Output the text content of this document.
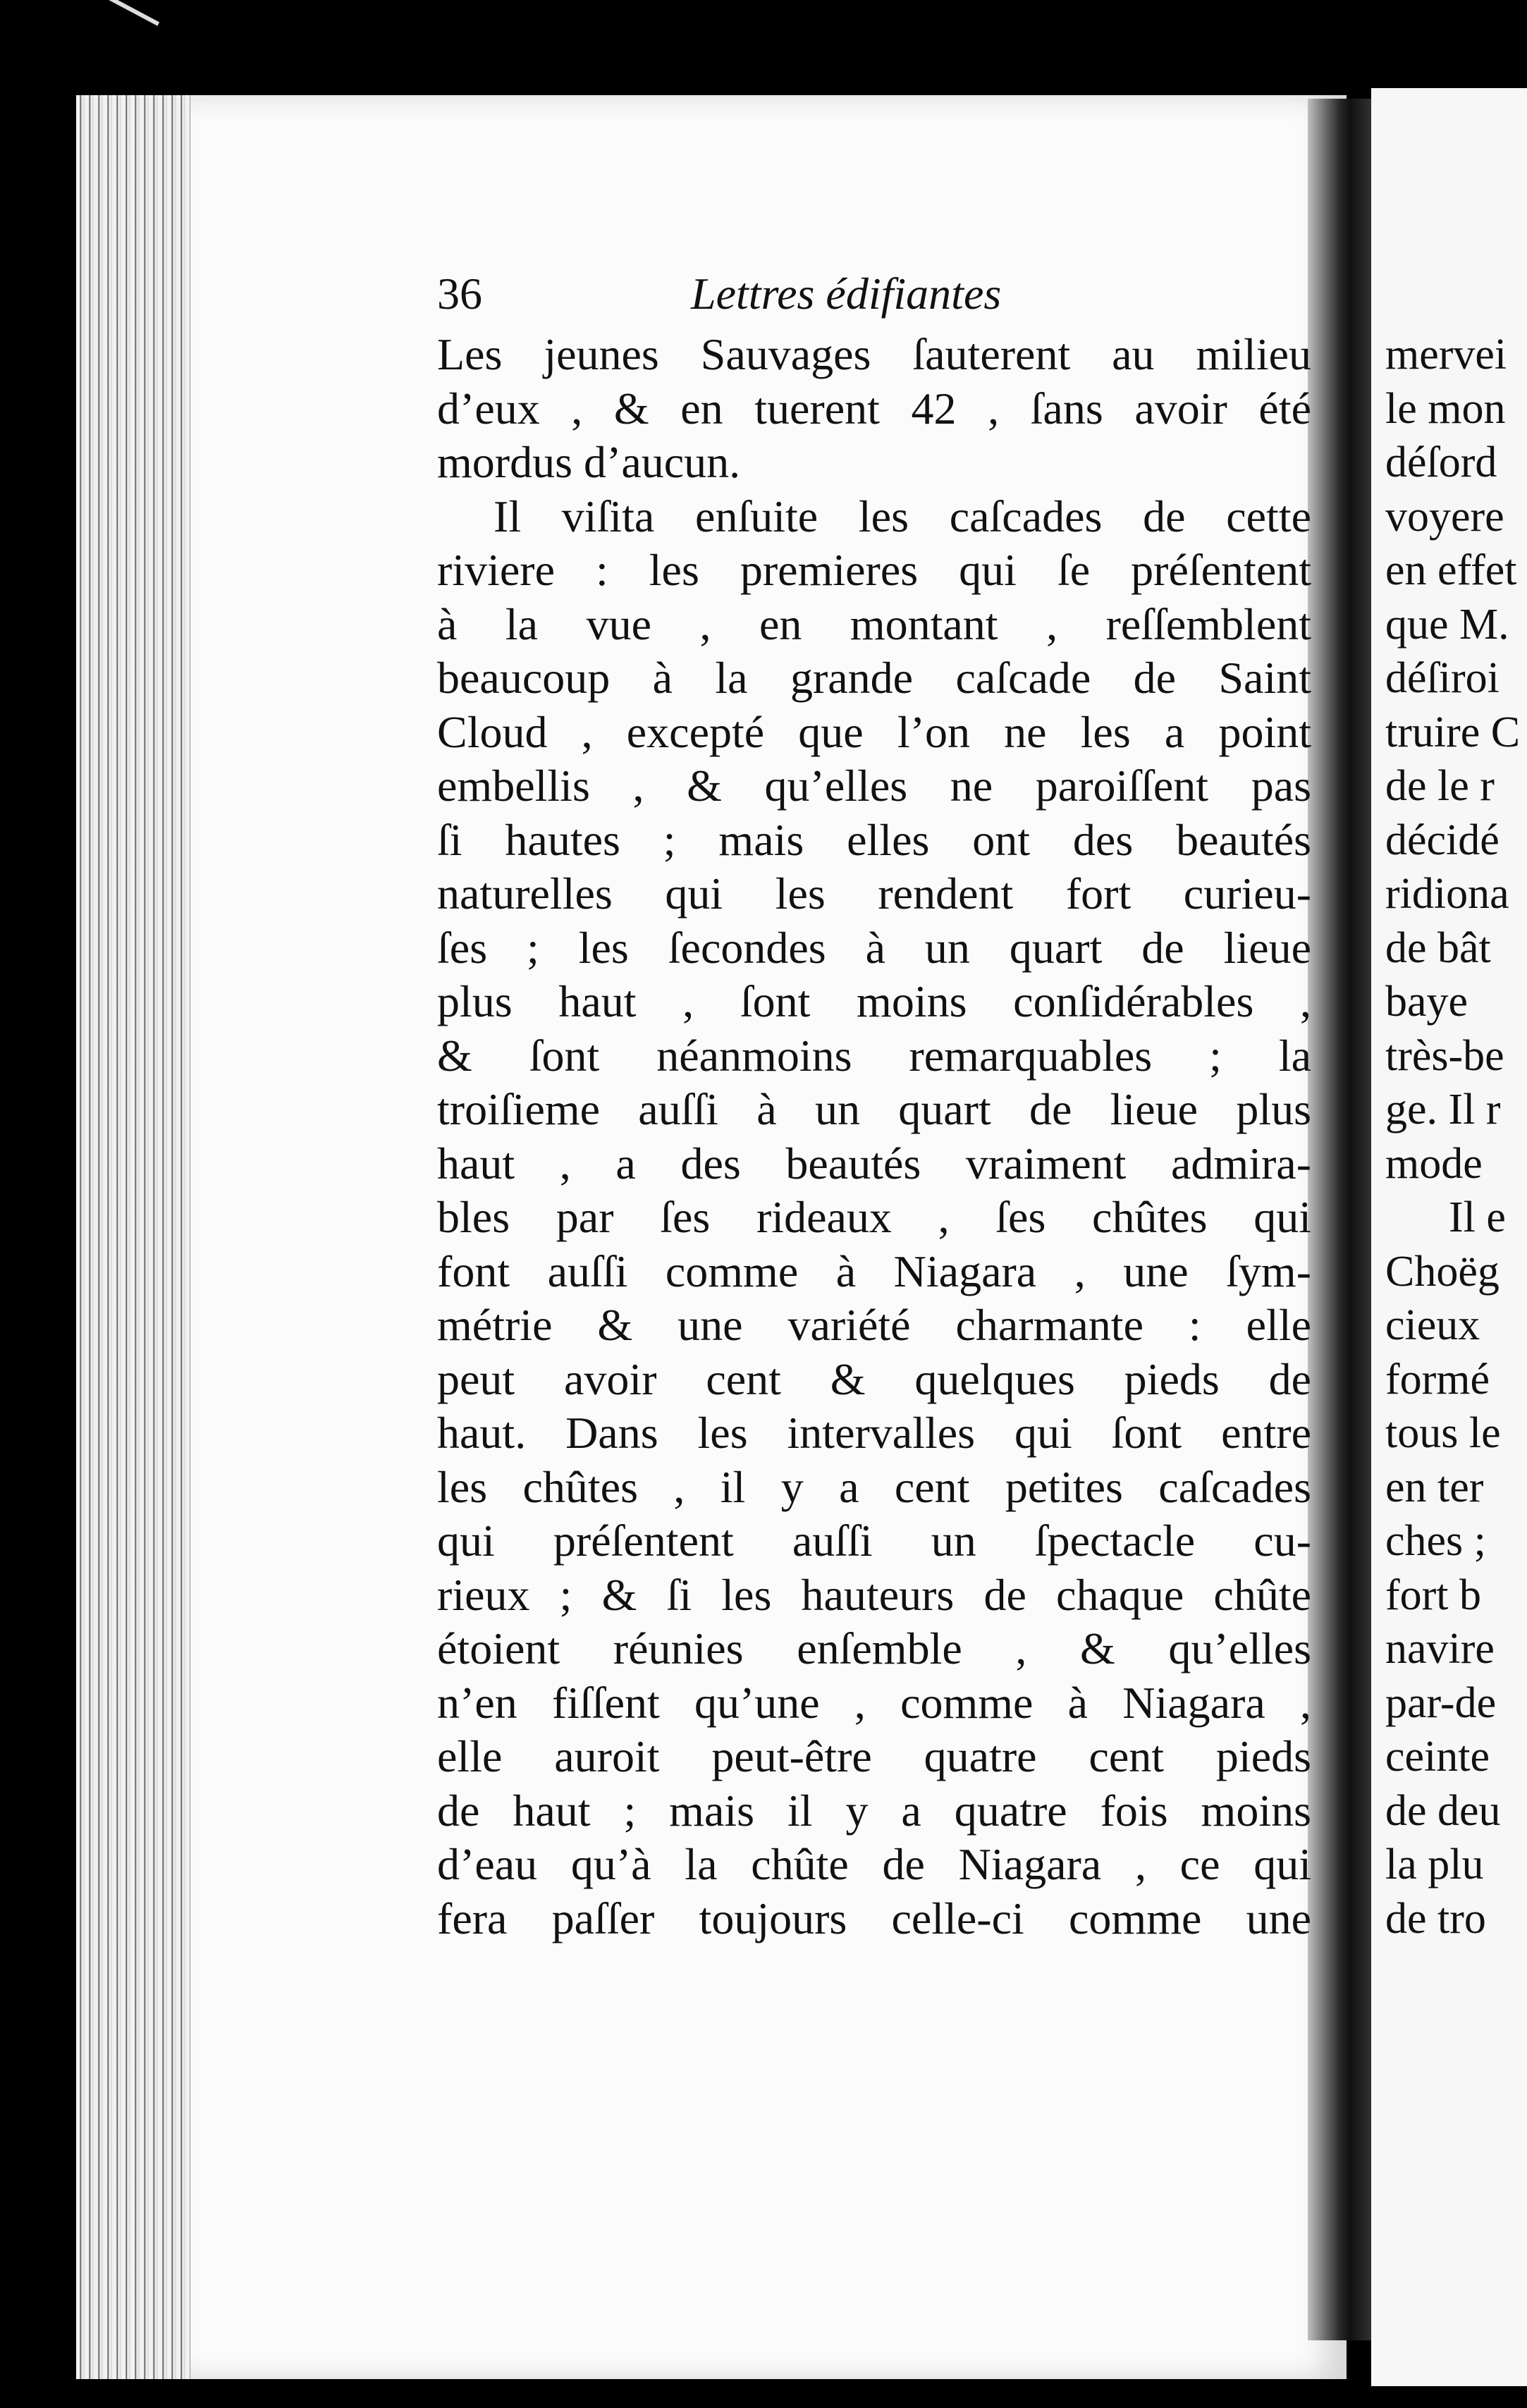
36	Lettres édifiantes
Les jeunes Sauvages ſauterent au milieu
d’eux , & en tuerent 42 , ſans avoir été
mordus d’aucun.
Il viſita enſuite les caſcades de cette
riviere : les premieres qui ſe préſentent
à la vue , en montant , reſſemblent
beaucoup à la grande caſcade de Saint
Cloud , excepté que l’on ne les a point
embellis , & qu’elles ne paroiſſent pas
ſi hautes ; mais elles ont des beautés
naturelles qui les rendent fort curieu-
ſes ; les ſecondes à un quart de lieue
plus haut , ſont moins conſidérables ,
& ſont néanmoins remarquables ; la
troiſieme auſſi à un quart de lieue plus
haut , a des beautés vraiment admira-
bles par ſes rideaux , ſes chûtes qui
font auſſi comme à Niagara , une ſym-
métrie & une variété charmante : elle
peut avoir cent & quelques pieds de
haut. Dans les intervalles qui ſont entre
les chûtes , il y a cent petites caſcades
qui préſentent auſſi un ſpectacle cu-
rieux ; & ſi les hauteurs de chaque chûte
étoient réunies enſemble , & qu’elles
n’en fiſſent qu’une , comme à Niagara ,
elle auroit peut-être quatre cent pieds
de haut ; mais il y a quatre fois moins
d’eau qu’à la chûte de Niagara , ce qui
fera paſſer toujours celle-ci comme une
mervei
le mon
déſord
voyere
en effet
que M.
déſiroi
truire C
de le r
décidé
ridiona
de bât
baye
très-be
ge. Il r
mode
Il e
Choëg
cieux
formé
tous le
en ter
ches ;
fort b
navire
par-de
ceinte
de deu
la plu
de tro
